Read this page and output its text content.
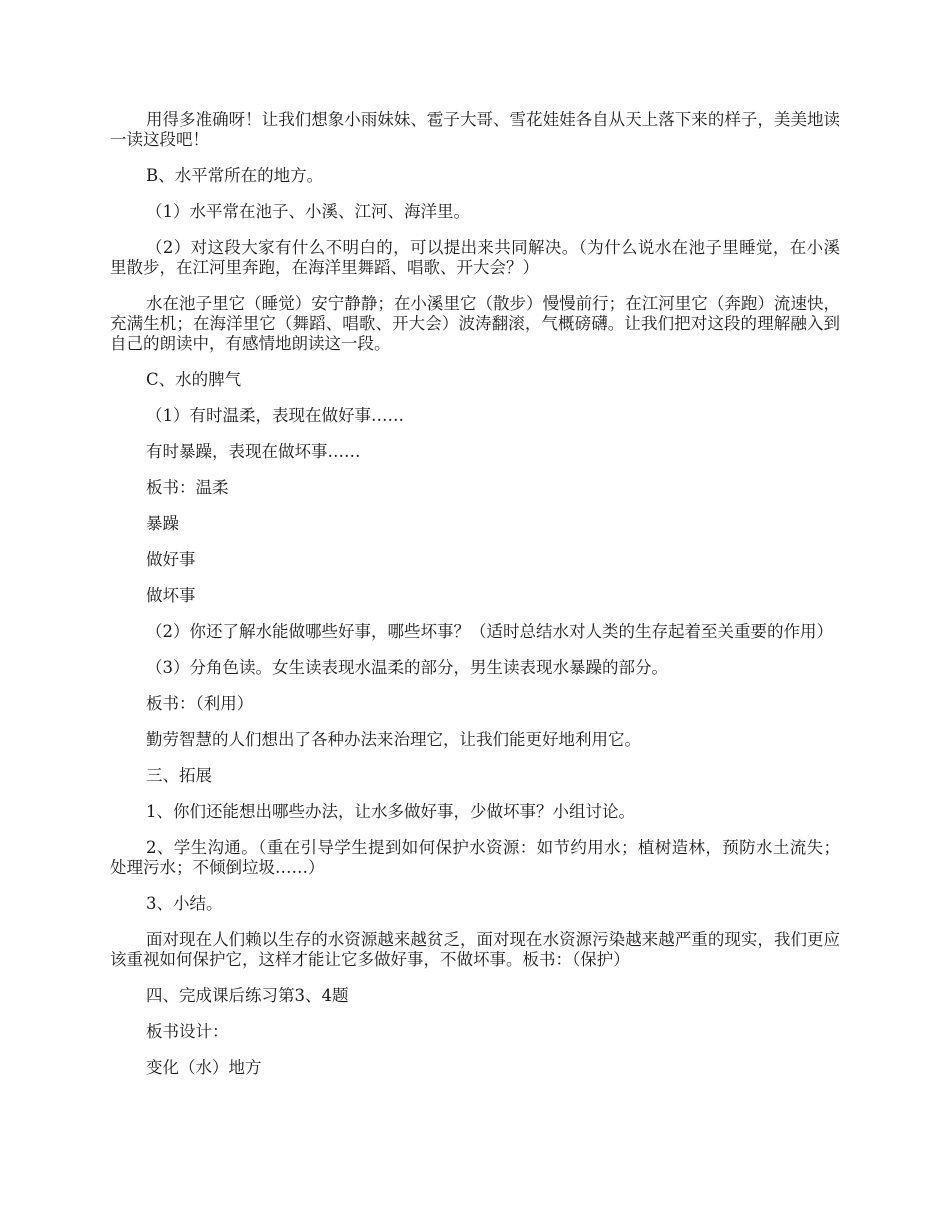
用得多准确呀！让我们想象小雨妹妹、雹子大哥、雪花娃娃各自从天上落下来的样子，美美地读一读这段吧！

B、水平常所在的地方。

（1）水平常在池子、小溪、江河、海洋里。

（2）对这段大家有什么不明白的，可以提出来共同解决。（为什么说水在池子里睡觉，在小溪里散步，在江河里奔跑，在海洋里舞蹈、唱歌、开大会？）

水在池子里它（睡觉）安宁静静；在小溪里它（散步）慢慢前行；在江河里它（奔跑）流速快，充满生机；在海洋里它（舞蹈、唱歌、开大会）波涛翻滚，气概磅礴。让我们把对这段的理解融入到自己的朗读中，有感情地朗读这一段。

C、水的脾气

（1）有时温柔，表现在做好事……

有时暴躁，表现在做坏事……

板书：温柔

暴躁

做好事

做坏事

（2）你还了解水能做哪些好事，哪些坏事？（适时总结水对人类的生存起着至关重要的作用）

（3）分角色读。女生读表现水温柔的部分，男生读表现水暴躁的部分。

板书：（利用）

勤劳智慧的人们想出了各种办法来治理它，让我们能更好地利用它。

三、拓展

1、你们还能想出哪些办法，让水多做好事，少做坏事？小组讨论。

2、学生沟通。（重在引导学生提到如何保护水资源：如节约用水；植树造林，预防水土流失；处理污水；不倾倒垃圾……）

3、小结。

面对现在人们赖以生存的水资源越来越贫乏，面对现在水资源污染越来越严重的现实，我们更应该重视如何保护它，这样才能让它多做好事，不做坏事。板书：（保护）

四、完成课后练习第3、4题

板书设计：

变化（水）地方
